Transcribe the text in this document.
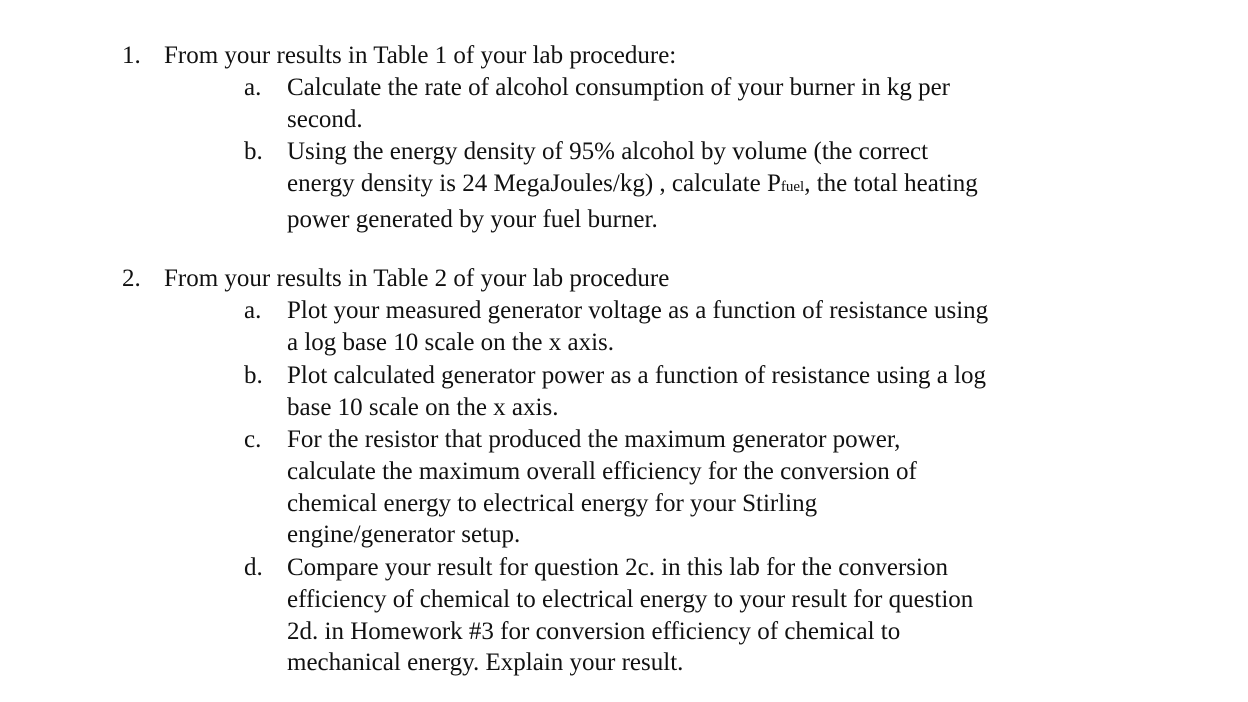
1. From your results in Table 1 of your lab procedure:
a.	Calculate the rate of alcohol consumption of your burner in kg per
second.
b. Using the energy density of 95% alcohol by volume (the correct
energy density is 24 MegaJoules/kg) , calculate Pfuel, the total heating
power generated by your fuel burner.
2. From your results in Table 2 of your lab procedure
a.	Plot your measured generator voltage as a function of resistance using
a log base 10 scale on the x axis.
b. Plot calculated generator power as a function of resistance using a log
base 10 scale on the x axis.
c.	For the resistor that produced the maximum generator power,
calculate the maximum overall efficiency for the conversion of
chemical energy to electrical energy for your Stirling
engine/generator setup.
d. Compare your result for question 2c. in this lab for the conversion
efficiency of chemical to electrical energy to your result for question
2d. in Homework #3 for conversion efficiency of chemical to
mechanical energy. Explain your result.
